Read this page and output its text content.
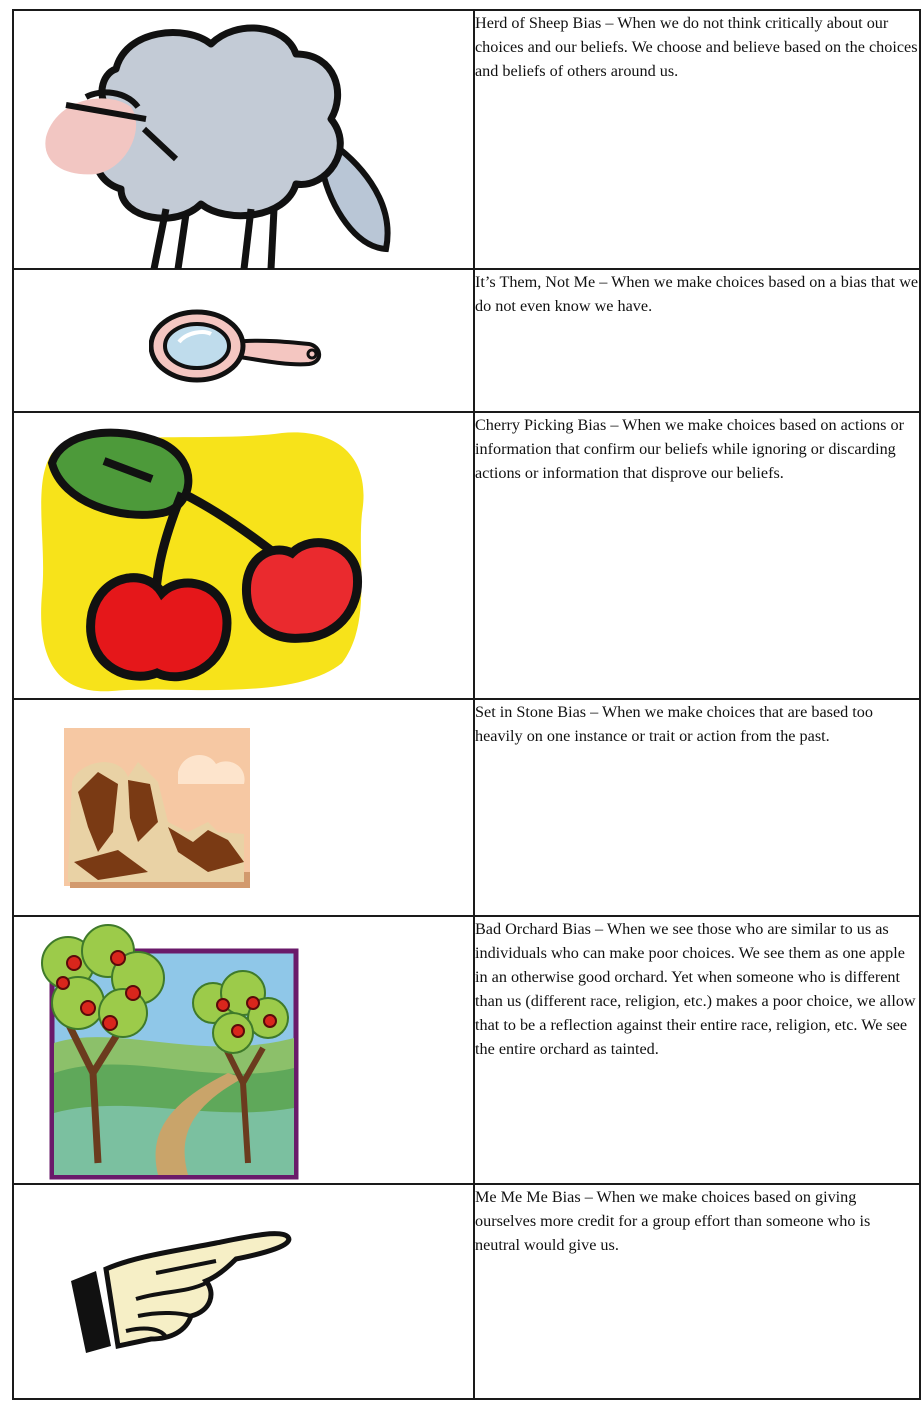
	Herd of Sheep Bias – When we do not think critically about our choices and our beliefs. We choose and believe based on the choices and beliefs of others around us.

	It’s Them, Not Me – When we make choices based on a bias that we do not even know we have.

	Cherry Picking Bias – When we make choices based on actions or information that confirm our beliefs while ignoring or discarding actions or information that disprove our beliefs.

	Set in Stone Bias – When we make choices that are based too heavily on one instance or trait or action from the past.

	Bad Orchard Bias – When we see those who are similar to us as individuals who can make poor choices. We see them as one apple in an otherwise good orchard. Yet when someone who is different than us (different race, religion, etc.) makes a poor choice, we allow that to be a reflection against their entire race, religion, etc. We see the entire orchard as tainted.

	Me Me Me Bias – When we make choices based on giving ourselves more credit for a group effort than someone who is neutral would give us.
